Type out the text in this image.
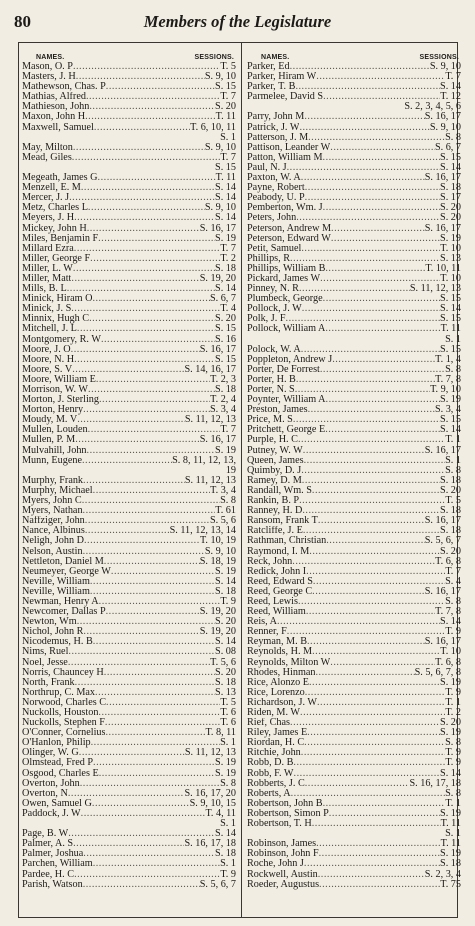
80	Members of the Legislature
NAMES.	SESSIONS.
Mason, O. P .....	T. 5
Masters, J. H .....	S. 9, 10
Mathewson, Chas. P .....	S. 15
Mathias, Alfred .....	T. 7
Mathieson, John .....	S. 20
Maxon, John H .....	T. 11
Maxwell, Samuel .....	T. 6, 10, 11
S. 1
May, Milton .....	S. 9, 10
Mead, Giles .....	T. 7
S. 15
Megeath, James G .....	T. 11
Menzell, E. M .....	S. 14
Mercer, J. J .....	S. 14
Metz, Charles L .....	S. 9, 10
Meyers, J. H .....	S. 14
Mickey, John H .....	S. 16, 17
Miles, Benjamin F .....	S. 19
Millard Ezra .....	T. 7
Miller, George F .....	T. 2
Miller, L. W .....	S. 18
Miller, Matt .....	S. 19, 20
Mills, B. L .....	S. 14
Minick, Hiram O .....	S. 6, 7
Minick, J. S .....	T. 4
Minnix, Hugh C .....	S. 20
Mitchell, J. L .....	S. 15
Montgomery, R. W .....	S. 16
Moore, J. O .....	S. 16, 17
Moore, N. H .....	S. 15
Moore, S. V .....	S. 14, 16, 17
Moore, William E .....	T. 2, 3
Morrison, W. W .....	S. 18
Morton, J. Sterling .....	T. 2, 4
Morton, Henry .....	S. 3, 4
Moudy, M. V .....	S. 11, 12, 13
Mullen, Louden .....	T. 7
Mullen, P. M .....	S. 16, 17
Mulvahill, John .....	S. 19
Munn, Eugene .....	S. 8, 11, 12, 13,
19
Murphy, Frank .....	S. 11, 12, 13
Murphy, Michael .....	T. 3, 4
Myers, John C .....	S. 8
Myers, Nathan .....	T. 61
Naffziger, John .....	S. 5, 6
Nance, Albinus .....	S. 11, 12, 13, 14
Neligh, John D .....	T. 10, 19
Nelson, Austin .....	S. 9, 10
Nettleton, Daniel M .....	S. 18, 19
Neumeyer, George W .....	S. 19
Neville, William .....	S. 14
Neville, William .....	S. 18
Newman, Henry A .....	T. 9
Newcomer, Dallas P .....	S. 19, 20
Newton, Wm .....	S. 20
Nichol, John R .....	S. 19, 20
Nicodemus, H. B .....	S. 14
Nims, Ruel .....	S. 08
Noel, Jesse .....	T. 5, 6
Norris, Chauncey H .....	S. 20
North, Frank .....	S. 18
Northrup, C. Max .....	S. 13
Norwood, Charles C .....	T. 5
Nuckolls, Houston .....	T. 6
Nuckolls, Stephen F .....	T. 6
O'Conner, Cornelius .....	T. 8, 11
O'Hanlon, Philip .....	S. 1
Olinger, W. G .....	S. 11, 12, 13
Olmstead, Fred P .....	S. 19
Osgood, Charles E .....	S. 19
Overton, John .....	S. 8
Overton, N .....	S. 16, 17, 20
Owen, Samuel G .....	S. 9, 10, 15
Paddock, J. W .....	T. 4, 11
S. 1
Page, B. W .....	S. 14
Palmer, A. S .....	S. 16, 17, 18
Palmer, Joshua .....	S. 18
Parchen, William .....	S. 1
Pardee, H. C .....	T. 9
Parish, Watson .....	S. 5, 6, 7
NAMES.	SESSIONS.
Parker, Ed .....	S. 9, 10
Parker, Hiram W .....	T. 7
Parker, T. B .....	S. 14
Parmelee, David S .....	T. 12
S. 2, 3, 4, 5, 6
Parry, John M .....	S. 16, 17
Patrick, J. W .....	S. 9, 10
Patterson, J. M .....	S. 8
Pattison, Leander W .....	S. 6, 7
Patton, William M .....	S. 15
Paul, N. J .....	S. 14
Paxton, W. A .....	S. 16, 17
Payne, Robert .....	S. 18
Peabody, U. P .....	S. 17
Pemberton, Wm. J .....	S. 20
Peters, John .....	S. 20
Peterson, Andrew M .....	S. 16, 17
Peterson, Edward W .....	S. 19
Petit, Samuel .....	T. 10
Phillips, R .....	S. 13
Phillips, William B .....	T. 10, 11
Pickard, James W .....	T. 10
Pinney, N. R .....	S. 11, 12, 13
Plumbeck, George .....	S. 15
Pollock, J. W .....	S. 14
Polk, J. F .....	S. 15
Pollock, William A .....	T. 11
S. 1
Polock, W. A .....	S. 15
Poppleton, Andrew J .....	T. 1, 4
Porter, De Forrest .....	S. 8
Porter, H. B .....	T. 7, 8
Porter, N. S .....	T. 9, 10
Poynter, William A .....	S. 19
Preston, James .....	S. 3, 4
Price, M. S .....	S. 15
Pritchett, George E .....	S. 14
Purple, H. C .....	T. 1
Putney, W. W .....	S. 16, 17
Queen, James .....	S. 1
Quimby, D. J .....	S. 8
Ramey, D. M .....	S. 18
Randall, Wm. S .....	S. 20
Rankin, B. P .....	T. 5
Ranney, H. D .....	S. 18
Ransom, Frank T .....	S. 16, 17
Ratcliffe, J. E .....	S. 18
Rathman, Christian .....	S. 5, 6, 7
Raymond, I. M .....	S. 20
Reck, John .....	T. 6, 8
Redick, John I .....	T. 7
Reed, Edward S .....	S. 4
Reed, George C .....	S. 16, 17
Reed, Lewis .....	S. 8
Reed, William .....	T. 7, 8
Reis, A .....	S. 14
Renner, F .....	T. 9
Reyman, M. B .....	S. 16, 17
Reynolds, H. M .....	T. 10
Reynolds, Milton W .....	T. 6, 8
Rhodes, Hinman .....	S. 5, 6, 7, 8
Rice, Alonzo E .....	S. 19
Rice, Lorenzo .....	T. 9
Richardson, J. W .....	T. 1
Riden, M. W .....	T. 2
Rief, Chas .....	S. 20
Riley, James E .....	S. 19
Riordan, H. C .....	S. 8
Ritchie, John .....	T. 9
Robb, D. B .....	T. 9
Robb, F. W .....	S. 14
Robberts, J. C .....	S. 16, 17, 18
Roberts, A .....	S. 8
Robertson, John B .....	T. 1
Robertson, Simon P .....	S. 19
Robertson, T. H .....	T. 11
S. 1
Robinson, James .....	T. 11
Robinson, John F .....	S. 19
Roche, John J .....	S. 18
Rockwell, Austin .....	S. 2, 3, 4
Roeder, Augustus .....	T. 75
